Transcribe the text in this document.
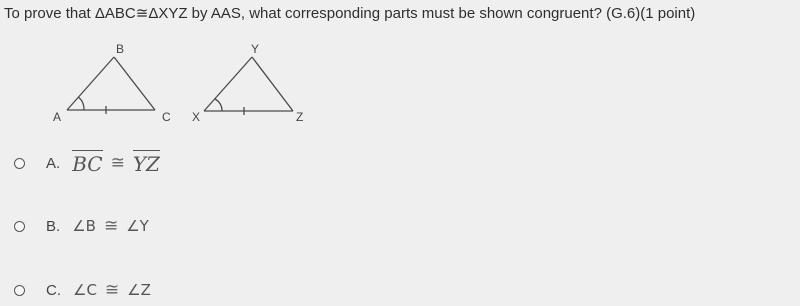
To prove that ΔABC≅ΔXYZ by AAS, what corresponding parts must be shown congruent? (G.6)(1 point)
B
A	C
Y
X	Z
A. BC ≅ YZ
B. ∠B ≅ ∠Y
C. ∠C ≅ ∠Z
